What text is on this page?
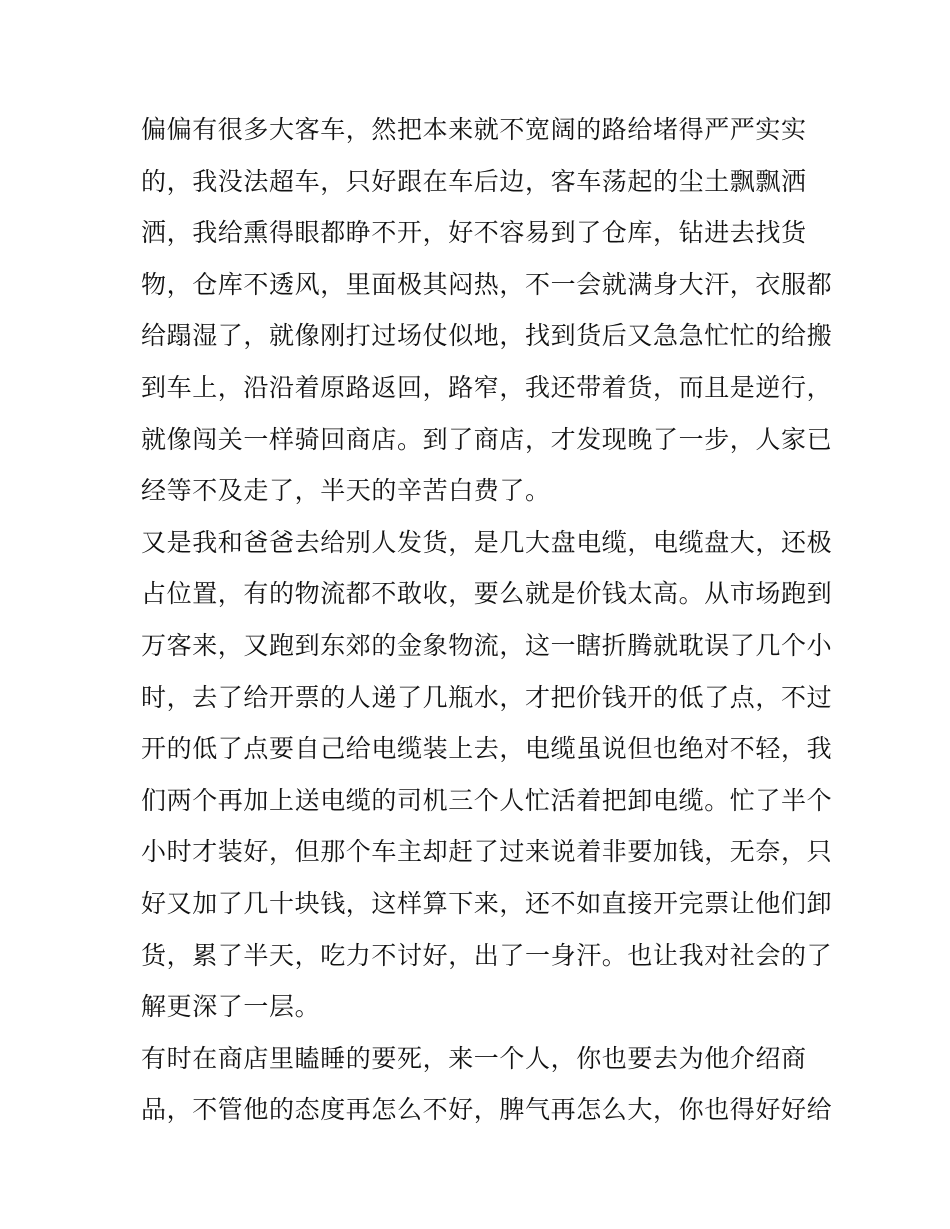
偏偏有很多大客车，然把本来就不宽阔的路给堵得严严实实
的，我没法超车，只好跟在车后边，客车荡起的尘土飘飘洒
洒，我给熏得眼都睁不开，好不容易到了仓库，钻进去找货
物，仓库不透风，里面极其闷热，不一会就满身大汗，衣服都
给蹋湿了，就像刚打过场仗似地，找到货后又急急忙忙的给搬
到车上，沿沿着原路返回，路窄，我还带着货，而且是逆行，
就像闯关一样骑回商店。到了商店，才发现晚了一步，人家已
经等不及走了，半天的辛苦白费了。
又是我和爸爸去给别人发货，是几大盘电缆，电缆盘大，还极
占位置，有的物流都不敢收，要么就是价钱太高。从市场跑到
万客来，又跑到东郊的金象物流，这一瞎折腾就耽误了几个小
时，去了给开票的人递了几瓶水，才把价钱开的低了点，不过
开的低了点要自己给电缆装上去，电缆虽说但也绝对不轻，我
们两个再加上送电缆的司机三个人忙活着把卸电缆。忙了半个
小时才装好，但那个车主却赶了过来说着非要加钱，无奈，只
好又加了几十块钱，这样算下来，还不如直接开完票让他们卸
货，累了半天，吃力不讨好，出了一身汗。也让我对社会的了
解更深了一层。
有时在商店里瞌睡的要死，来一个人，你也要去为他介绍商
品，不管他的态度再怎么不好，脾气再怎么大，你也得好好给
